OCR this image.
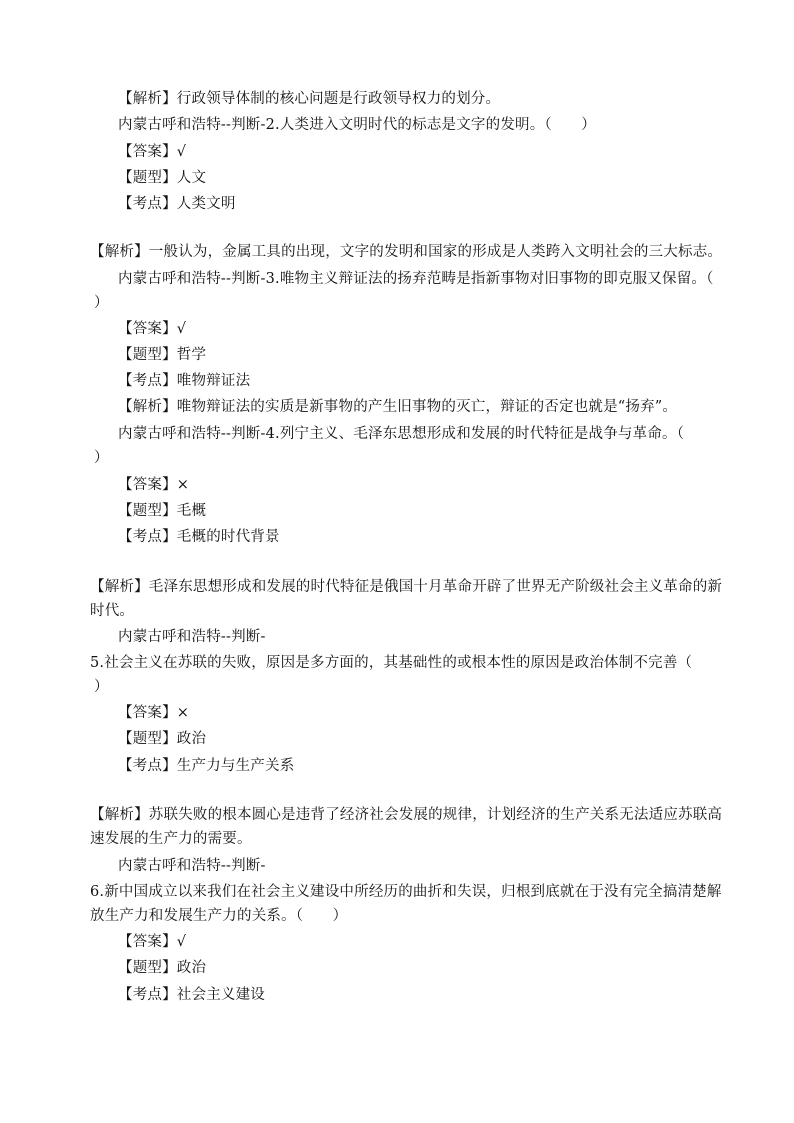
【解析】行政领导体制的核心问题是行政领导权力的划分。
内蒙古呼和浩特--判断-2.人类进入文明时代的标志是文字的发明。（　　）
【答案】√
【题型】人文
【考点】人类文明
【解析】一般认为，金属工具的出现，文字的发明和国家的形成是人类跨入文明社会的三大标志。
内蒙古呼和浩特--判断-3.唯物主义辩证法的扬弃范畴是指新事物对旧事物的即克服又保留。（
）
【答案】√
【题型】哲学
【考点】唯物辩证法
【解析】唯物辩证法的实质是新事物的产生旧事物的灭亡，辩证的否定也就是“扬弃”。
内蒙古呼和浩特--判断-4.列宁主义、毛泽东思想形成和发展的时代特征是战争与革命。（
）
【答案】×
【题型】毛概
【考点】毛概的时代背景
【解析】毛泽东思想形成和发展的时代特征是俄国十月革命开辟了世界无产阶级社会主义革命的新
时代。
内蒙古呼和浩特--判断-
5.社会主义在苏联的失败，原因是多方面的，其基础性的或根本性的原因是政治体制不完善（
）
【答案】×
【题型】政治
【考点】生产力与生产关系
【解析】苏联失败的根本圆心是违背了经济社会发展的规律，计划经济的生产关系无法适应苏联高
速发展的生产力的需要。
内蒙古呼和浩特--判断-
6.新中国成立以来我们在社会主义建设中所经历的曲折和失误，归根到底就在于没有完全搞清楚解
放生产力和发展生产力的关系。（　　）
【答案】√
【题型】政治
【考点】社会主义建设
